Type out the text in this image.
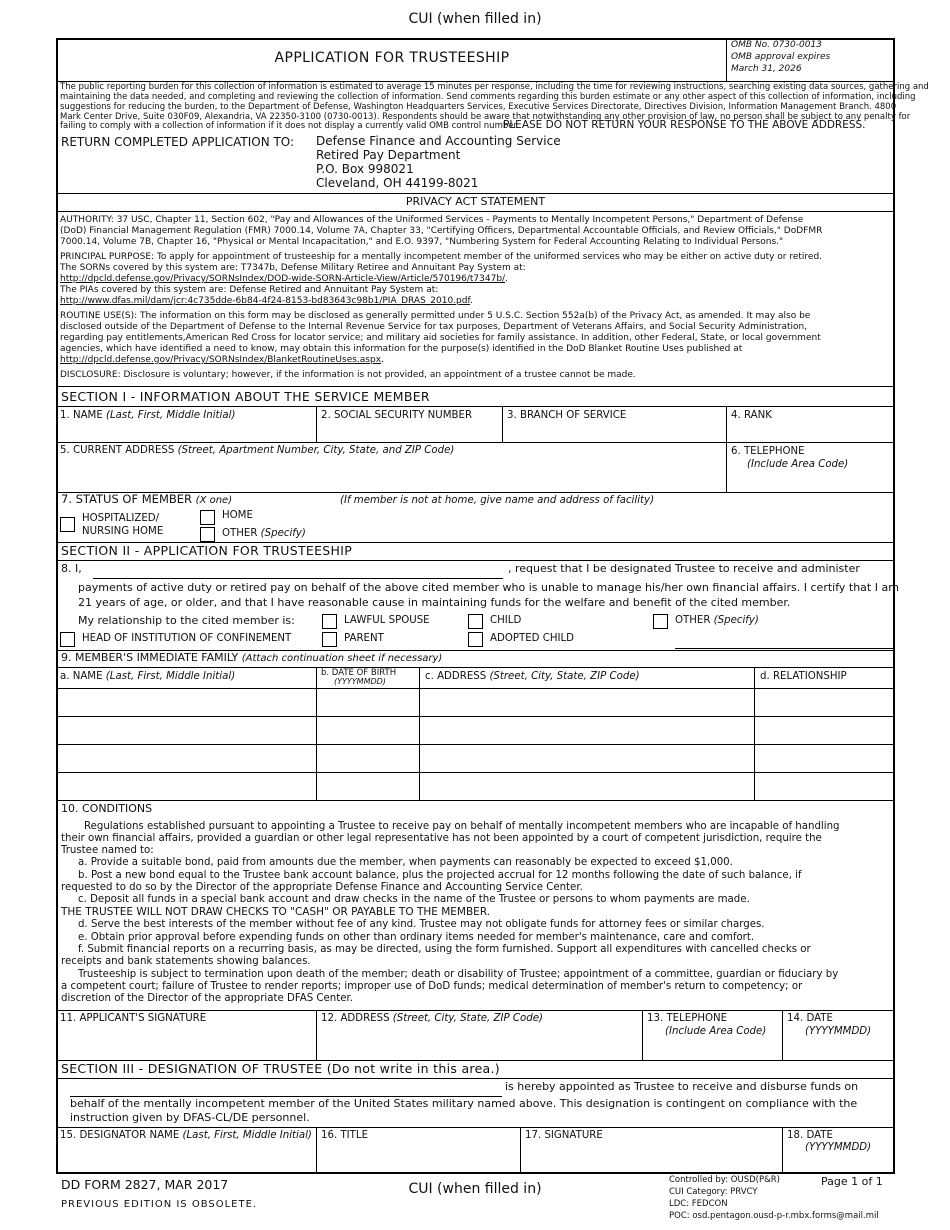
CUI (when filled in)
APPLICATION FOR TRUSTEESHIP
OMB No. 0730-0013
OMB approval expires
March 31, 2026
The public reporting burden for this collection of information is estimated to average 15 minutes per response, including the time for reviewing instructions, searching existing data sources, gathering and
maintaining the data needed, and completing and reviewing the collection of information. Send comments regarding this burden estimate or any other aspect of this collection of information, including
suggestions for reducing the burden, to the Department of Defense, Washington Headquarters Services, Executive Services Directorate, Directives Division, Information Management Branch. 4800
Mark Center Drive, Suite 030F09, Alexandria, VA 22350-3100 (0730-0013). Respondents should be aware that notwithstanding any other provision of law, no person shall be subject to any penalty for
failing to comply with a collection of information if it does not display a currently valid OMB control number.
PLEASE DO NOT RETURN YOUR RESPONSE TO THE ABOVE ADDRESS.
RETURN COMPLETED APPLICATION TO: Defense Finance and Accounting Service
Retired Pay Department
P.O. Box 998021
Cleveland, OH 44199-8021
PRIVACY ACT STATEMENT
AUTHORITY: 37 USC, Chapter 11, Section 602, "Pay and Allowances of the Uniformed Services - Payments to Mentally Incompetent Persons," Department of Defense
(DoD) Financial Management Regulation (FMR) 7000.14, Volume 7A, Chapter 33, "Certifying Officers, Departmental Accountable Officials, and Review Officials," DoDFMR
7000.14, Volume 7B, Chapter 16, "Physical or Mental Incapacitation," and E.O. 9397, "Numbering System for Federal Accounting Relating to Individual Persons."
PRINCIPAL PURPOSE: To apply for appointment of trusteeship for a mentally incompetent member of the uniformed services who may be either on active duty or retired.
The SORNs covered by this system are: T7347b, Defense Military Retiree and Annuitant Pay System at:
http://dpcld.defense.gov/Privacy/SORNsIndex/DOD-wide-SORN-Article-View/Article/570196/t7347b/.
The PIAs covered by this system are: Defense Retired and Annuitant Pay System at:
http://www.dfas.mil/dam/jcr:4c735dde-6b84-4f24-8153-bd83643c98b1/PIA_DRAS_2010.pdf.
ROUTINE USE(S): The information on this form may be disclosed as generally permitted under 5 U.S.C. Section 552a(b) of the Privacy Act, as amended. It may also be
disclosed outside of the Department of Defense to the Internal Revenue Service for tax purposes, Department of Veterans Affairs, and Social Security Administration,
regarding pay entitlements,American Red Cross for locator service; and military aid societies for family assistance. In addition, other Federal, State, or local government
agencies, which have identified a need to know, may obtain this information for the purpose(s) identified in the DoD Blanket Routine Uses published at
http://dpcld.defense.gov/Privacy/SORNsIndex/BlanketRoutineUses.aspx.
DISCLOSURE: Disclosure is voluntary; however, if the information is not provided, an appointment of a trustee cannot be made.
SECTION I - INFORMATION ABOUT THE SERVICE MEMBER
1. NAME (Last, First, Middle Initial)	2. SOCIAL SECURITY NUMBER	3. BRANCH OF SERVICE	4. RANK
5. CURRENT ADDRESS (Street, Apartment Number, City, State, and ZIP Code)	6. TELEPHONE
(Include Area Code)
7. STATUS OF MEMBER (X one)	(If member is not at home, give name and address of facility)
HOSPITALIZED/
NURSING HOME
HOME
OTHER (Specify)
SECTION II - APPLICATION FOR TRUSTEESHIP
8. I,	, request that I be designated Trustee to receive and administer
payments of active duty or retired pay on behalf of the above cited member who is unable to manage his/her own financial affairs. I certify that I am
21 years of age, or older, and that I have reasonable cause in maintaining funds for the welfare and benefit of the cited member.
My relationship to the cited member is:	LAWFUL SPOUSE	CHILD	OTHER (Specify)
HEAD OF INSTITUTION OF CONFINEMENT	PARENT	ADOPTED CHILD
9. MEMBER'S IMMEDIATE FAMILY (Attach continuation sheet if necessary)
a. NAME (Last, First, Middle Initial)	b. DATE OF BIRTH
(YYYYMMDD)	c. ADDRESS (Street, City, State, ZIP Code)	d. RELATIONSHIP
10. CONDITIONS
Regulations established pursuant to appointing a Trustee to receive pay on behalf of mentally incompetent members who are incapable of handling
their own financial affairs, provided a guardian or other legal representative has not been appointed by a court of competent jurisdiction, require the
Trustee named to:
a. Provide a suitable bond, paid from amounts due the member, when payments can reasonably be expected to exceed $1,000.
b. Post a new bond equal to the Trustee bank account balance, plus the projected accrual for 12 months following the date of such balance, if
requested to do so by the Director of the appropriate Defense Finance and Accounting Service Center.
c. Deposit all funds in a special bank account and draw checks in the name of the Trustee or persons to whom payments are made.
THE TRUSTEE WILL NOT DRAW CHECKS TO "CASH" OR PAYABLE TO THE MEMBER.
d. Serve the best interests of the member without fee of any kind. Trustee may not obligate funds for attorney fees or similar charges.
e. Obtain prior approval before expending funds on other than ordinary items needed for member's maintenance, care and comfort.
f. Submit financial reports on a recurring basis, as may be directed, using the form furnished. Support all expenditures with cancelled checks or
receipts and bank statements showing balances.
Trusteeship is subject to termination upon death of the member; death or disability of Trustee; appointment of a committee, guardian or fiduciary by
a competent court; failure of Trustee to render reports; improper use of DoD funds; medical determination of member's return to competency; or
discretion of the Director of the appropriate DFAS Center.
11. APPLICANT'S SIGNATURE	12. ADDRESS (Street, City, State, ZIP Code)	13. TELEPHONE
(Include Area Code)
14. DATE
(YYYYMMDD)
SECTION III - DESIGNATION OF TRUSTEE (Do not write in this area.)
is hereby appointed as Trustee to receive and disburse funds on
behalf of the mentally incompetent member of the United States military named above. This designation is contingent on compliance with the
instruction given by DFAS-CL/DE personnel.
15. DESIGNATOR NAME (Last, First, Middle Initial) 16. TITLE	17. SIGNATURE	18. DATE
(YYYYMMDD)
DD FORM 2827, MAR 2017
PREVIOUS EDITION IS OBSOLETE.
CUI (when filled in)
Controlled by: OUSD(P&R)
CUI Category: PRVCY
LDC: FEDCON
POC: osd.pentagon.ousd-p-r.mbx.forms@mail.mil
Page 1 of 1
